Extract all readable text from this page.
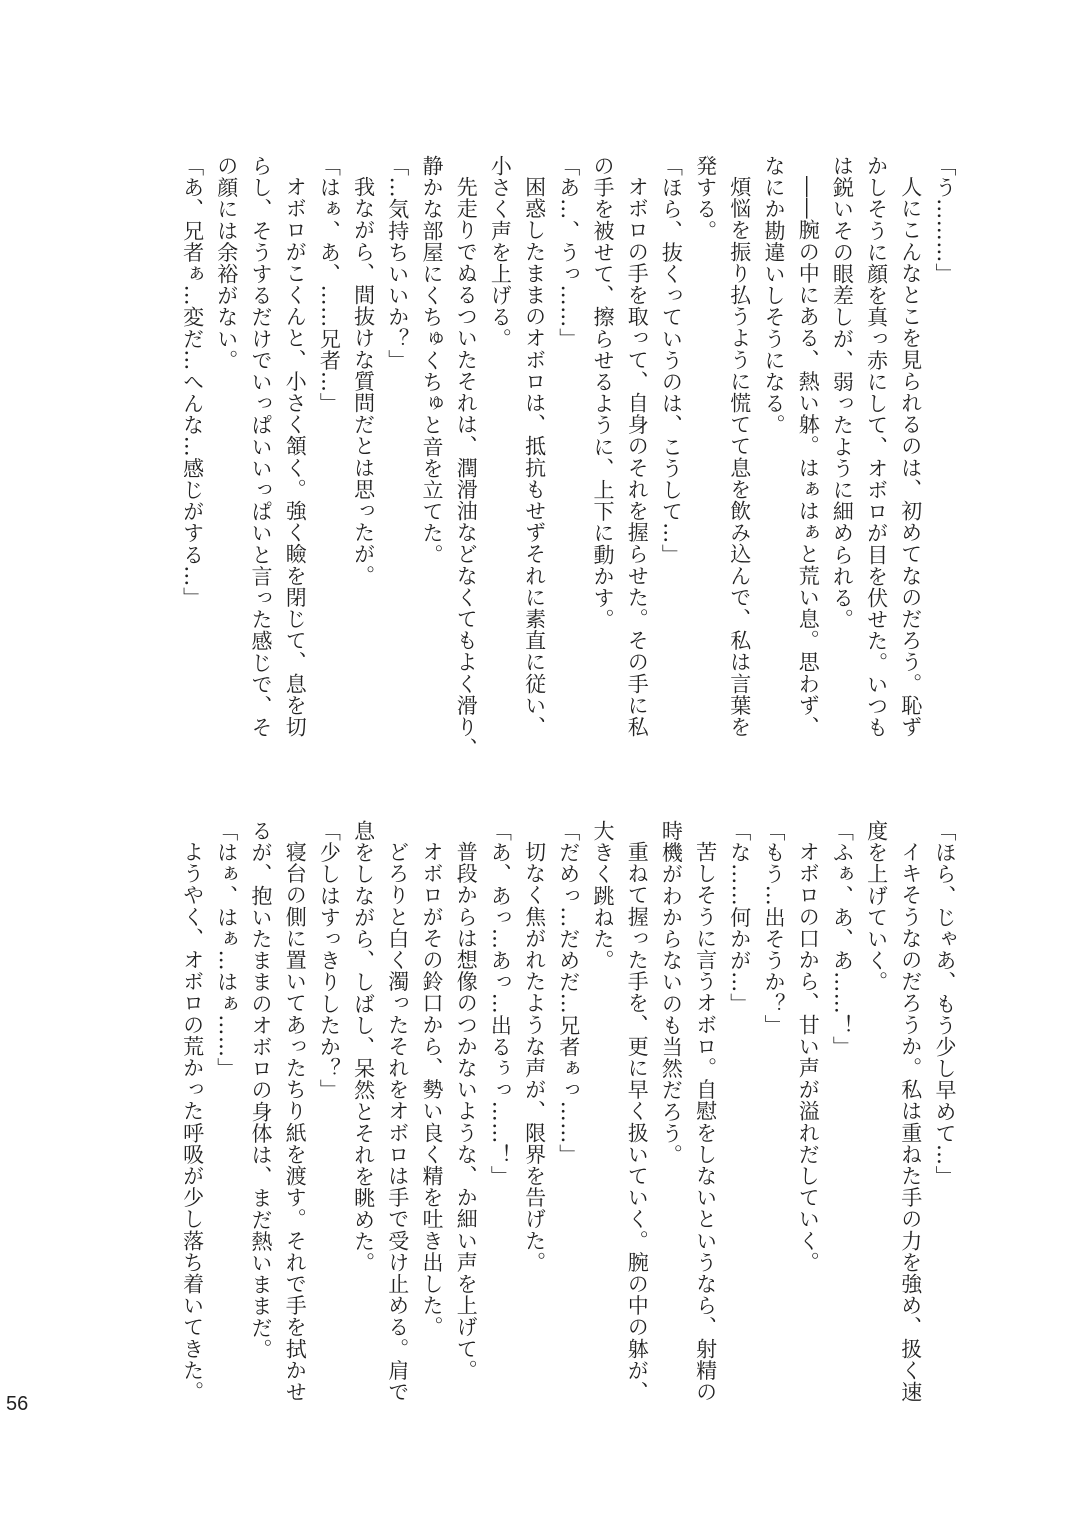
「う………」
人にこんなとこを見られるのは、初めてなのだろう。恥ず
かしそうに顔を真っ赤にして、オボロが目を伏せた。いつも
は鋭いその眼差しが、弱ったように細められる。
――腕の中にある、熱い躰。はぁはぁと荒い息。思わず、
なにか勘違いしそうになる。
煩悩を振り払うように慌てて息を飲み込んで、私は言葉を
発する。
「ほら、抜くっていうのは、こうして…」
オボロの手を取って、自身のそれを握らせた。その手に私
の手を被せて、擦らせるように、上下に動かす。
「あ…、うっ……」
困惑したままのオボロは、抵抗もせずそれに素直に従い、
小さく声を上げる。
先走りでぬるついたそれは、潤滑油などなくてもよく滑り、
静かな部屋にくちゅくちゅと音を立てた。
「…気持ちいいか？」
我ながら、間抜けな質問だとは思ったが。
「はぁ、あ、……兄者…」
オボロがこくんと、小さく頷く。強く瞼を閉じて、息を切
らし、そうするだけでいっぱいいっぱいと言った感じで、そ
の顔には余裕がない。
「あ、兄者ぁ…変だ…へんな…感じがする…」
「ほら、じゃあ、もう少し早めて…」
イキそうなのだろうか。私は重ねた手の力を強め、扱く速
度を上げていく。
「ふぁ、あ、あ……！」
オボロの口から、甘い声が溢れだしていく。
「もう…出そうか？」
「な……何かが…」
苦しそうに言うオボロ。自慰をしないというなら、射精の
時機がわからないのも当然だろう。
重ねて握った手を、更に早く扱いていく。腕の中の躰が、
大きく跳ねた。
「だめっ…だめだ…兄者ぁっ……」
切なく焦がれたような声が、限界を告げた。
「あ、あっ…あっ…出るぅっ……！」
普段からは想像のつかないような、か細い声を上げて。
オボロがその鈴口から、勢い良く精を吐き出した。
どろりと白く濁ったそれをオボロは手で受け止める。肩で
息をしながら、しばし、呆然とそれを眺めた。
「少しはすっきりしたか？」
寝台の側に置いてあったちり紙を渡す。それで手を拭かせ
るが、抱いたままのオボロの身体は、まだ熱いままだ。
「はぁ、はぁ…はぁ……」
ようやく、オボロの荒かった呼吸が少し落ち着いてきた。
56
